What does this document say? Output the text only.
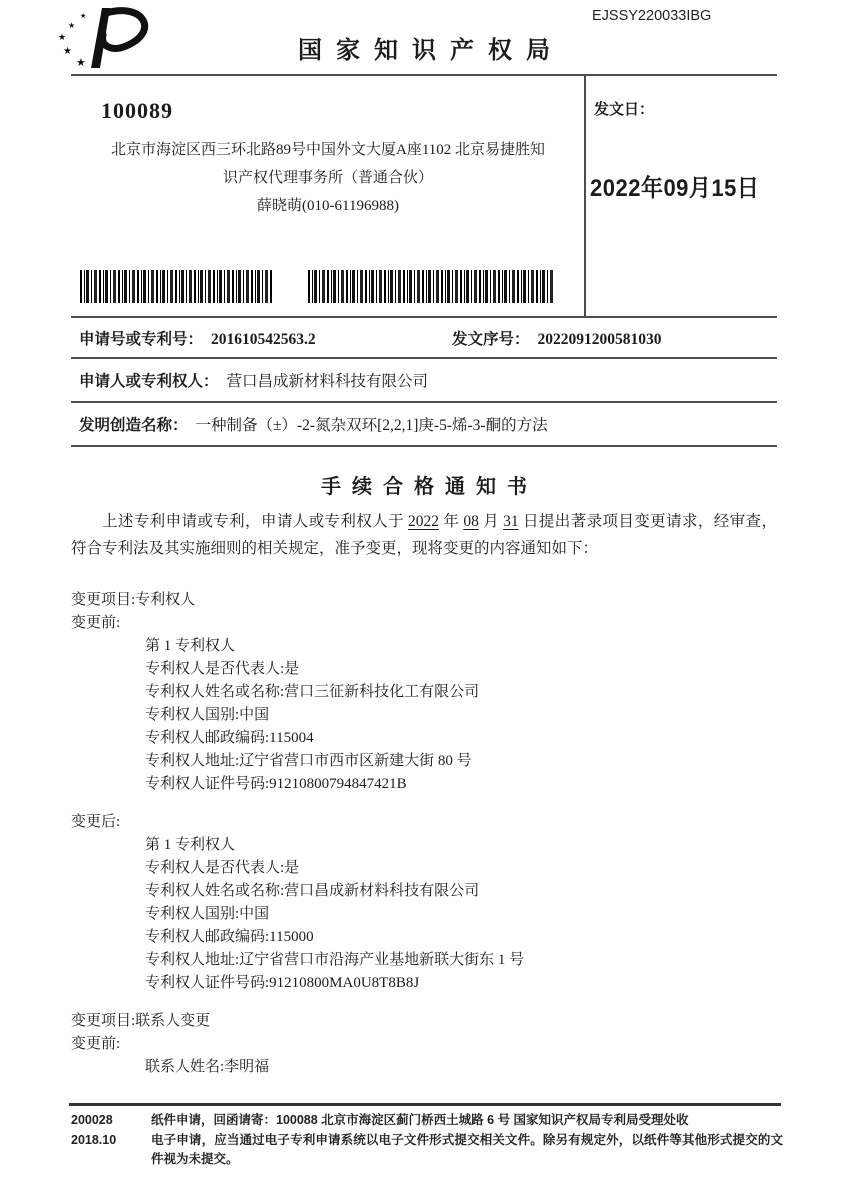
★
★
★
★
★	国家知识产权局
EJSSY220033IBG
100089
北京市海淀区西三环北路89号中国外文大厦A座1102 北京易捷胜知
识产权代理事务所（普通合伙）
薛晓萌(010-61196988)
发文日：
2022年09月15日
申请号或专利号： 201610542563.2	发文序号： 2022091200581030
申请人或专利权人： 营口昌成新材料科技有限公司
发明创造名称： 一种制备（±）-2-氮杂双环[2,2,1]庚-5-烯-3-酮的方法
手续合格通知书
上述专利申请或专利，申请人或专利权人于 2022 年 08 月 31 日提出著录项目变更请求，经审查，符合专利法及其实施细则的相关规定，准予变更，现将变更的内容通知如下：
变更项目:专利权人
变更前:
第 1 专利权人
专利权人是否代表人:是
专利权人姓名或名称:营口三征新科技化工有限公司
专利权人国别:中国
专利权人邮政编码:115004
专利权人地址:辽宁省营口市西市区新建大街 80 号
专利权人证件号码:91210800794847421B
变更后:
第 1 专利权人
专利权人是否代表人:是
专利权人姓名或名称:营口昌成新材料科技有限公司
专利权人国别:中国
专利权人邮政编码:115000
专利权人地址:辽宁省营口市沿海产业基地新联大街东 1 号
专利权人证件号码:91210800MA0U8T8B8J
变更项目:联系人变更
变更前:
联系人姓名:李明福
200028
2018.10
纸件申请，回函请寄：100088 北京市海淀区蓟门桥西土城路 6 号 国家知识产权局专利局受理处收
电子申请，应当通过电子专利申请系统以电子文件形式提交相关文件。除另有规定外，以纸件等其他形式提交的文件视为未提交。
